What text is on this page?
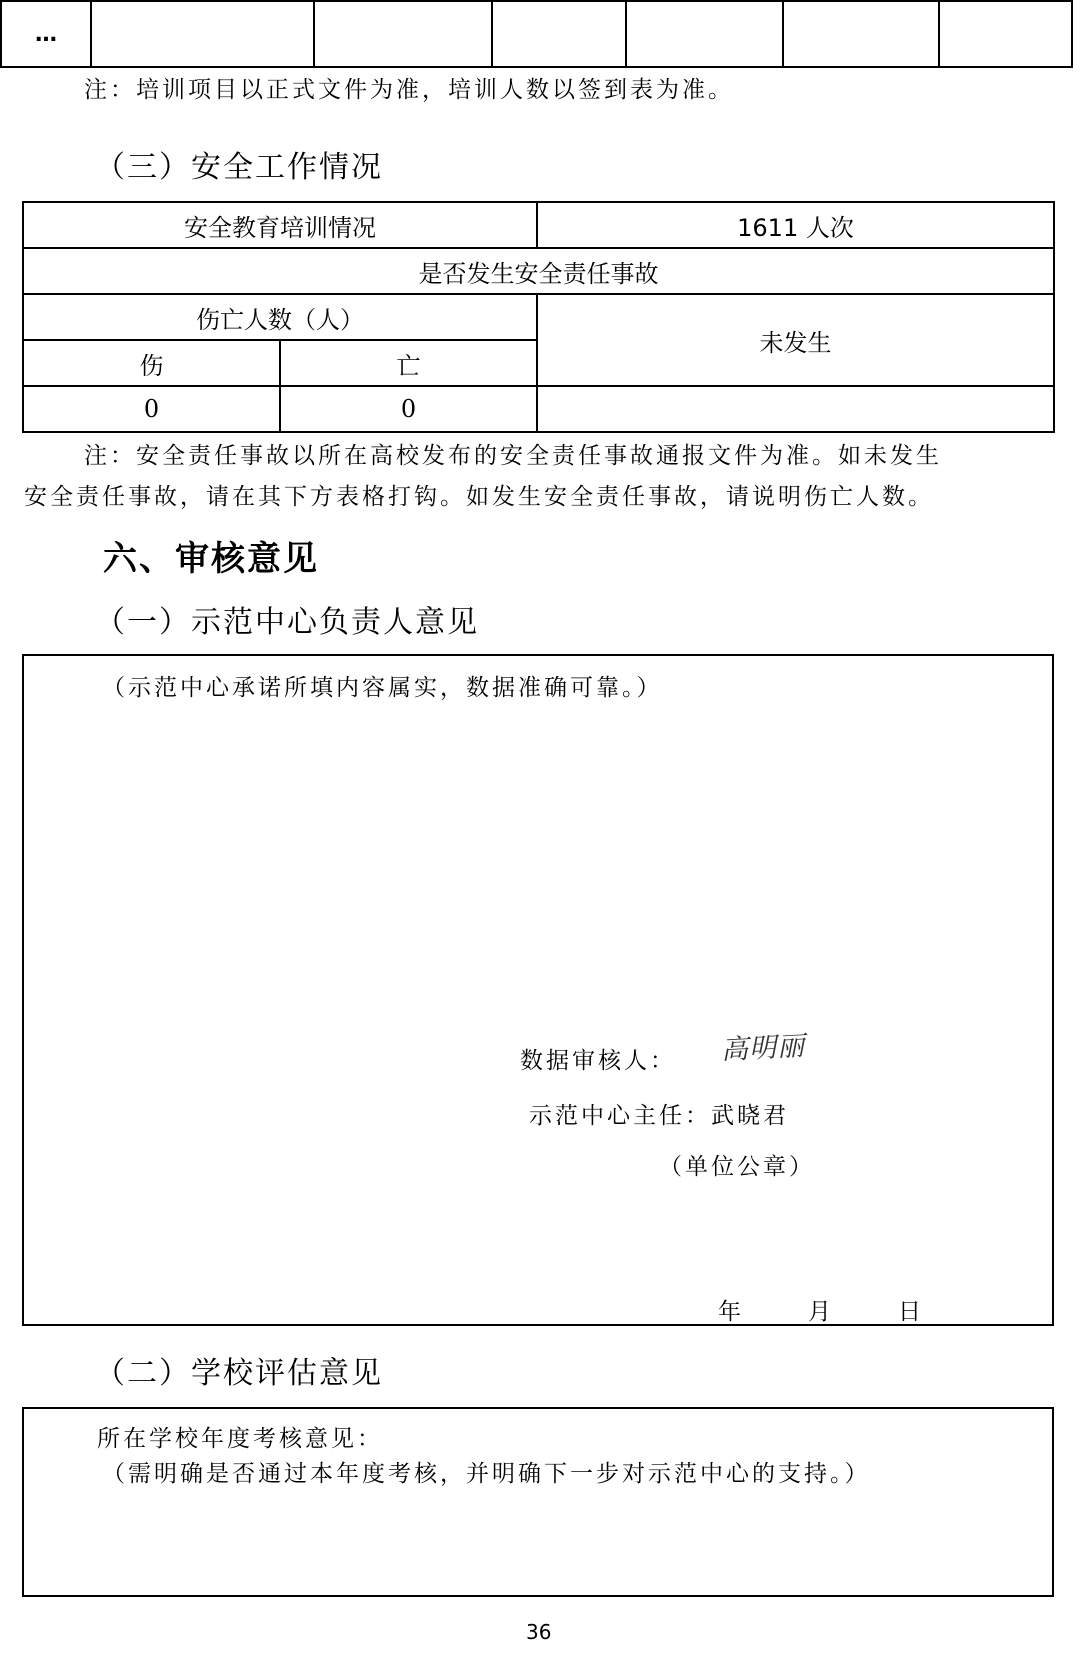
…						
注：培训项目以正式文件为准，培训人数以签到表为准。
（三）安全工作情况
安全教育培训情况		1611 人次
是否发生安全责任事故		
伤亡人数（人）		未发生
伤	亡	
0	0	
注：安全责任事故以所在高校发布的安全责任事故通报文件为准。如未发生
安全责任事故，请在其下方表格打钩。如发生安全责任事故，请说明伤亡人数。
六、审核意见
（一）示范中心负责人意见
（示范中心承诺所填内容属实，数据准确可靠。）
数据审核人： 高明丽
示范中心主任：武晓君
（单位公章）
年	月	日
（二）学校评估意见
所在学校年度考核意见：
（需明确是否通过本年度考核，并明确下一步对示范中心的支持。）
36
